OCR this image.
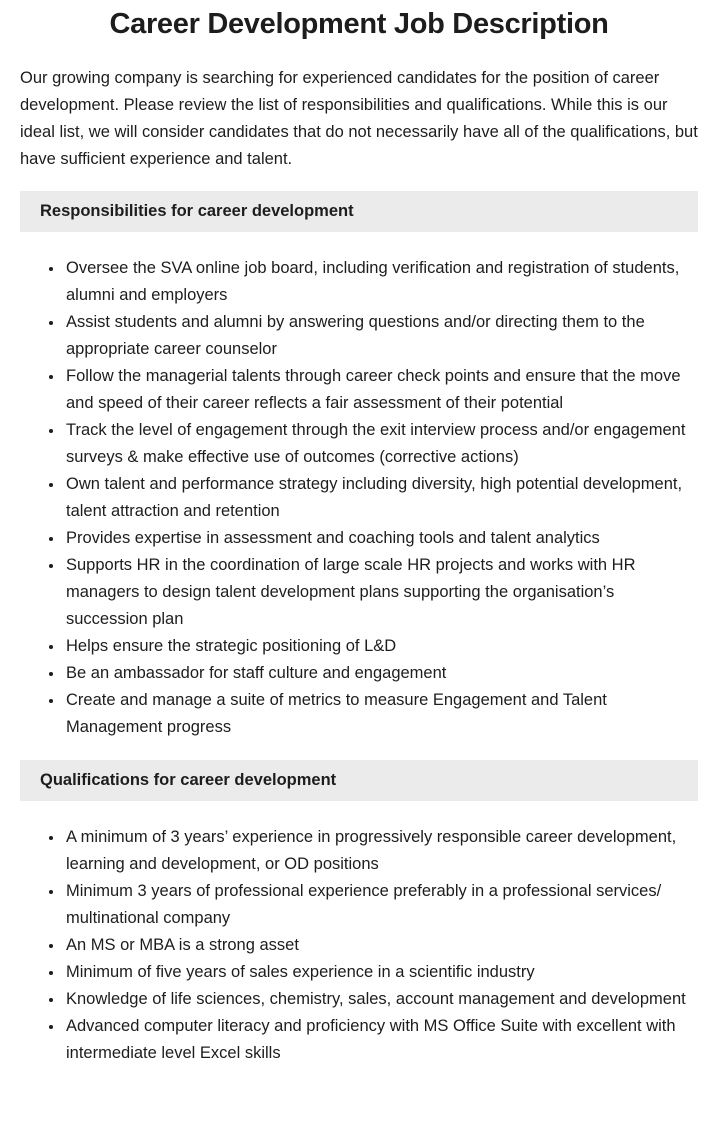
Career Development Job Description

Our growing company is searching for experienced candidates for the position of career development. Please review the list of responsibilities and qualifications. While this is our ideal list, we will consider candidates that do not necessarily have all of the qualifications, but have sufficient experience and talent.

Responsibilities for career development
• Oversee the SVA online job board, including verification and registration of students, alumni and employers
• Assist students and alumni by answering questions and/or directing them to the appropriate career counselor
• Follow the managerial talents through career check points and ensure that the move and speed of their career reflects a fair assessment of their potential
• Track the level of engagement through the exit interview process and/or engagement surveys & make effective use of outcomes (corrective actions)
• Own talent and performance strategy including diversity, high potential development, talent attraction and retention
• Provides expertise in assessment and coaching tools and talent analytics
• Supports HR in the coordination of large scale HR projects and works with HR managers to design talent development plans supporting the organisation’s succession plan
• Helps ensure the strategic positioning of L&D
• Be an ambassador for staff culture and engagement
• Create and manage a suite of metrics to measure Engagement and Talent Management progress
Qualifications for career development
• A minimum of 3 years’ experience in progressively responsible career development, learning and development, or OD positions
• Minimum 3 years of professional experience preferably in a professional services/ multinational company
• An MS or MBA is a strong asset
• Minimum of five years of sales experience in a scientific industry
• Knowledge of life sciences, chemistry, sales, account management and development
• Advanced computer literacy and proficiency with MS Office Suite with excellent with intermediate level Excel skills
